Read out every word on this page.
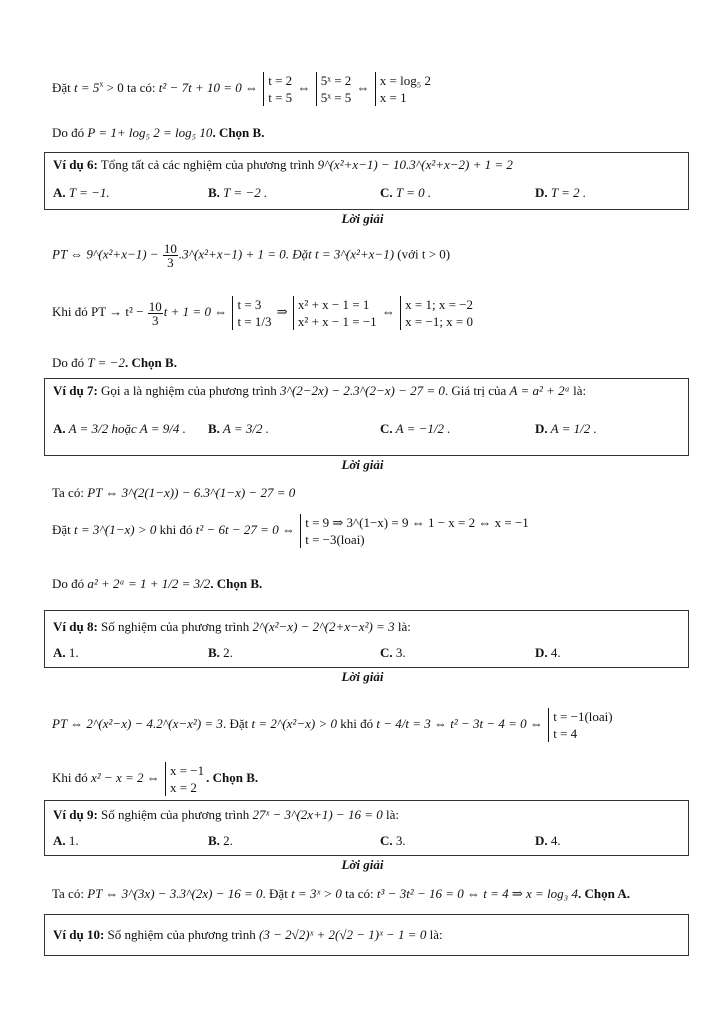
Đặt $t = 5^x > 0$ ta có: t² − 7t + 10 = 0 ⇔ t = 2
t = 5
⇔ 5ˣ = 2
5ˣ = 5
⇔ x = log₅ 2
x = 1
Do đó P = 1+ log₅ 2 = log₅ 10. Chọn B.
Ví dụ 6: Tổng tất cả các nghiệm của phương trình 9^(x²+x−1) − 10.3^(x²+x−2) + 1 = 2
A. T = −1.	B. T = −2 .	C. T = 0 .	D. T = 2 .
Lời giải
PT ⇔ 9^(x²+x−1) − $\frac{10}{3}$ .3^(x²+x−1) + 1 = 0. Đặt t = 3^(x²+x−1) (với t > 0)
Khi đó PT → $t^2 - \frac{10}{3}$ t + 1 = 0 ⇔ t = 3
t = 1/3
⇒ x² + x − 1 = 1
x² + x − 1 = −1
⇔ x = 1; x = −2
x = −1; x = 0
Do đó T = −2. Chọn B.
Ví dụ 7: Gọi a là nghiệm của phương trình 3^(2−2x) − 2.3^(2−x) − 27 = 0. Giá trị của A = a² + 2ᵃ là:
A. A = 3/2 hoặc A = 9/4 . B. A = 3/2 .	C. A = −1/2 .	D. A = 1/2 .
Lời giải
Ta có: PT ⇔ 3^(2(1−x)) − 6.3^(1−x) − 27 = 0
Đặt t = 3^(1−x) > 0 khi đó t² − 6t − 27 = 0 ⇔ t = 9 ⇒ 3^(1−x) = 9 ⇔ 1 − x = 2 ⇔ x = −1
t = −3(loai)
Do đó a² + 2ᵃ = 1 + 1/2 = 3/2. Chọn B.
Ví dụ 8: Số nghiệm của phương trình 2^(x²−x) − 2^(2+x−x²) = 3 là:
A. 1.	B. 2.	C. 3.	D. 4.
Lời giải
PT ⇔ 2^(x²−x) − 4.2^(x−x²) = 3. Đặt t = 2^(x²−x) > 0 khi đó t − 4/t = 3 ⇔ t² − 3t − 4 = 0 ⇔ t = −1(loai)
t = 4
Khi đó x² − x = 2 ⇔ x = −1
x = 2
. Chọn B.
Ví dụ 9: Số nghiệm của phương trình 27ˣ − 3^(2x+1) − 16 = 0 là:
A. 1.	B. 2.	C. 3.	D. 4.
Lời giải
Ta có: PT ⇔ 3^(3x) − 3.3^(2x) − 16 = 0. Đặt t = 3ˣ > 0 ta có: t³ − 3t² − 16 = 0 ⇔ t = 4 ⇒ x = log₃ 4. Chọn A.
Ví dụ 10: Số nghiệm của phương trình (3 − 2√2)ˣ + 2(√2 − 1)ˣ − 1 = 0 là:
